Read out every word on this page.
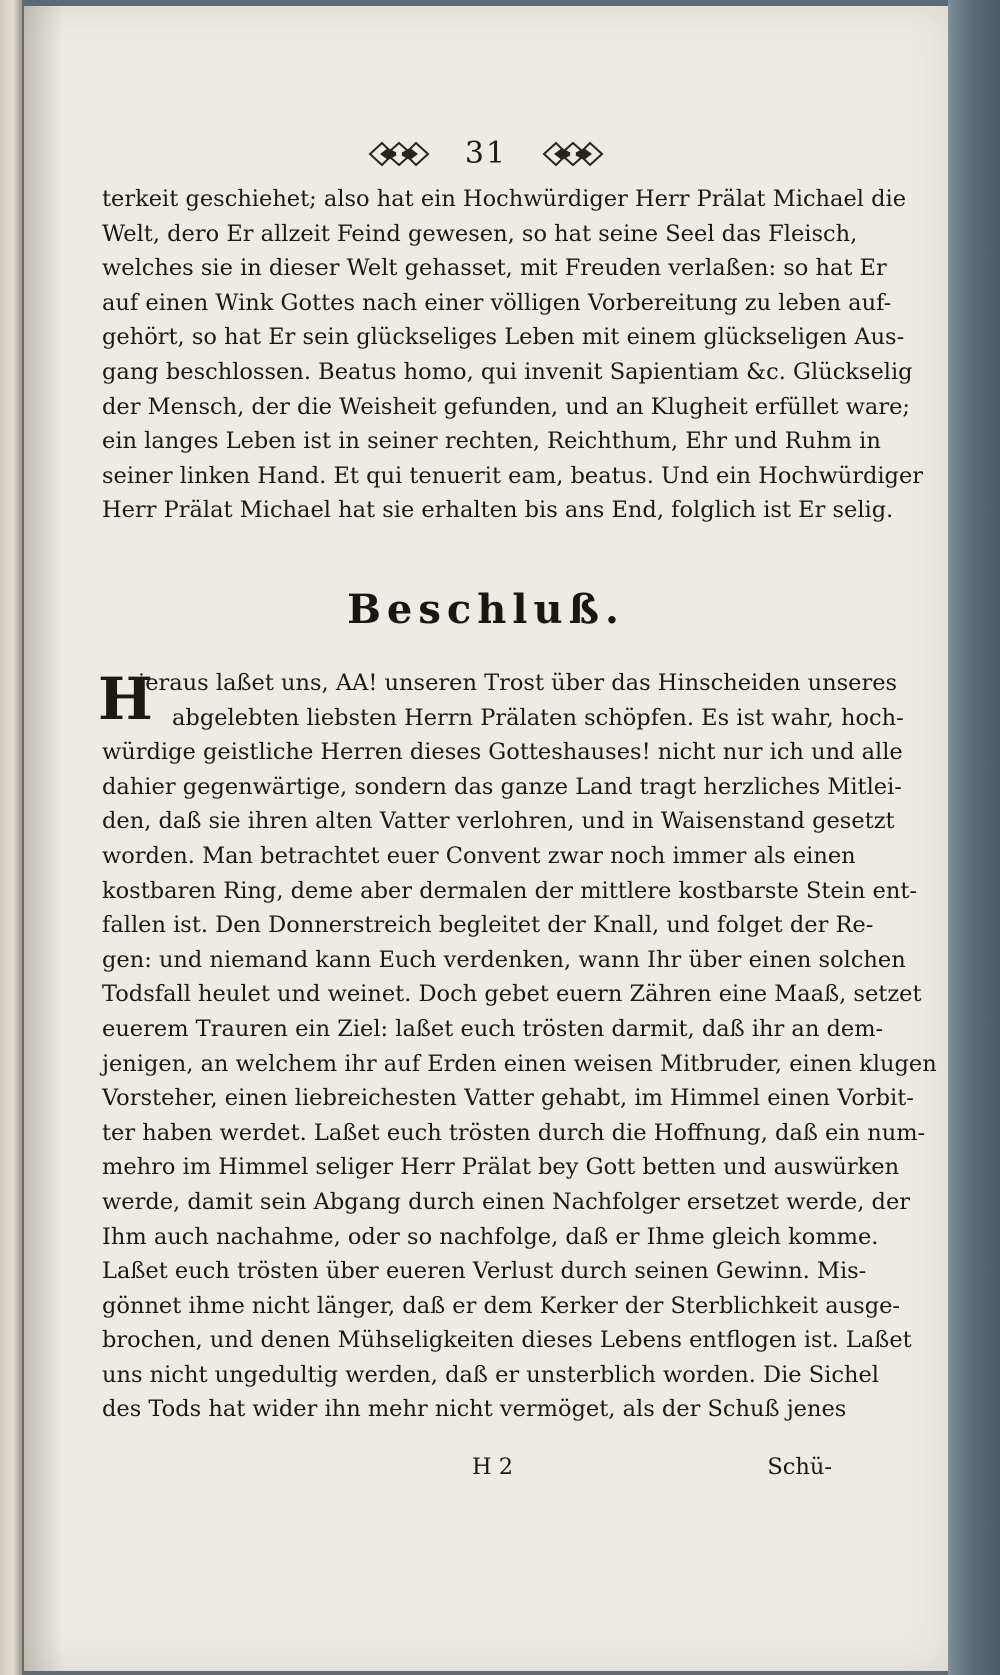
31
terkeit geschiehet; also hat ein Hochwürdiger Herr Prälat Michael die
Welt, dero Er allzeit Feind gewesen, so hat seine Seel das Fleisch,
welches sie in dieser Welt gehasset, mit Freuden verlaßen: so hat Er
auf einen Wink Gottes nach einer völligen Vorbereitung zu leben auf-
gehört, so hat Er sein glückseliges Leben mit einem glückseligen Aus-
gang beschlossen. Beatus homo, qui invenit Sapientiam &c. Glückselig
der Mensch, der die Weisheit gefunden, und an Klugheit erfüllet ware;
ein langes Leben ist in seiner rechten, Reichthum, Ehr und Ruhm in
seiner linken Hand. Et qui tenuerit eam, beatus. Und ein Hochwürdiger
Herr Prälat Michael hat sie erhalten bis ans End, folglich ist Er selig.
Beschluß.
H
ieraus laßet uns, AA! unseren Trost über das Hinscheiden unseres
abgelebten liebsten Herrn Prälaten schöpfen. Es ist wahr, hoch-
würdige geistliche Herren dieses Gotteshauses! nicht nur ich und alle
dahier gegenwärtige, sondern das ganze Land tragt herzliches Mitlei-
den, daß sie ihren alten Vatter verlohren, und in Waisenstand gesetzt
worden. Man betrachtet euer Convent zwar noch immer als einen
kostbaren Ring, deme aber dermalen der mittlere kostbarste Stein ent-
fallen ist. Den Donnerstreich begleitet der Knall, und folget der Re-
gen: und niemand kann Euch verdenken, wann Ihr über einen solchen
Todsfall heulet und weinet. Doch gebet euern Zähren eine Maaß, setzet
euerem Trauren ein Ziel: laßet euch trösten darmit, daß ihr an dem-
jenigen, an welchem ihr auf Erden einen weisen Mitbruder, einen klugen
Vorsteher, einen liebreichesten Vatter gehabt, im Himmel einen Vorbit-
ter haben werdet. Laßet euch trösten durch die Hoffnung, daß ein num-
mehro im Himmel seliger Herr Prälat bey Gott betten und auswürken
werde, damit sein Abgang durch einen Nachfolger ersetzet werde, der
Ihm auch nachahme, oder so nachfolge, daß er Ihme gleich komme.
Laßet euch trösten über eueren Verlust durch seinen Gewinn. Mis-
gönnet ihme nicht länger, daß er dem Kerker der Sterblichkeit ausge-
brochen, und denen Mühseligkeiten dieses Lebens entflogen ist. Laßet
uns nicht ungedultig werden, daß er unsterblich worden. Die Sichel
des Tods hat wider ihn mehr nicht vermöget, als der Schuß jenes
H 2	Schü-
